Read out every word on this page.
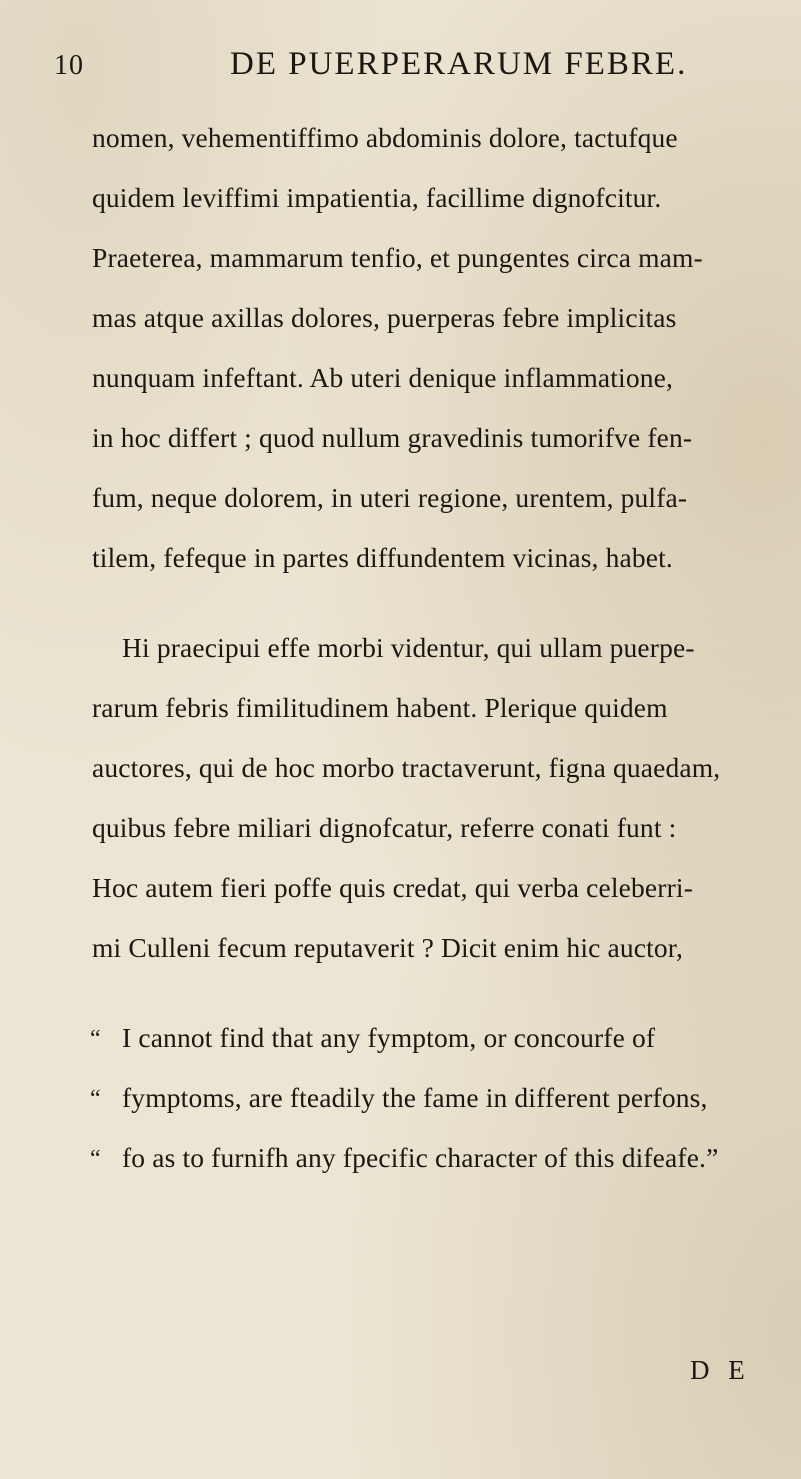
10	DE PUERPERARUM FEBRE.
nomen, vehementiffimo abdominis dolore, tactufque
quidem leviffimi impatientia, facillime dignofcitur.
Praeterea, mammarum tenfio, et pungentes circa mam-
mas atque axillas dolores, puerperas febre implicitas
nunquam infeftant. Ab uteri denique inflammatione,
in hoc differt ; quod nullum gravedinis tumorifve fen-
fum, neque dolorem, in uteri regione, urentem, pulfa-
tilem, fefeque in partes diffundentem vicinas, habet.
Hi praecipui effe morbi videntur, qui ullam puerpe-
rarum febris fimilitudinem habent. Plerique quidem
auctores, qui de hoc morbo tractaverunt, figna quaedam,
quibus febre miliari dignofcatur, referre conati funt :
Hoc autem fieri poffe quis credat, qui verba celeberri-
mi Culleni fecum reputaverit ? Dicit enim hic auctor,
“ I cannot find that any fymptom, or concourfe of
“ fymptoms, are fteadily the fame in different perfons,
“ fo as to furnifh any fpecific character of this difeafe.”
D E
